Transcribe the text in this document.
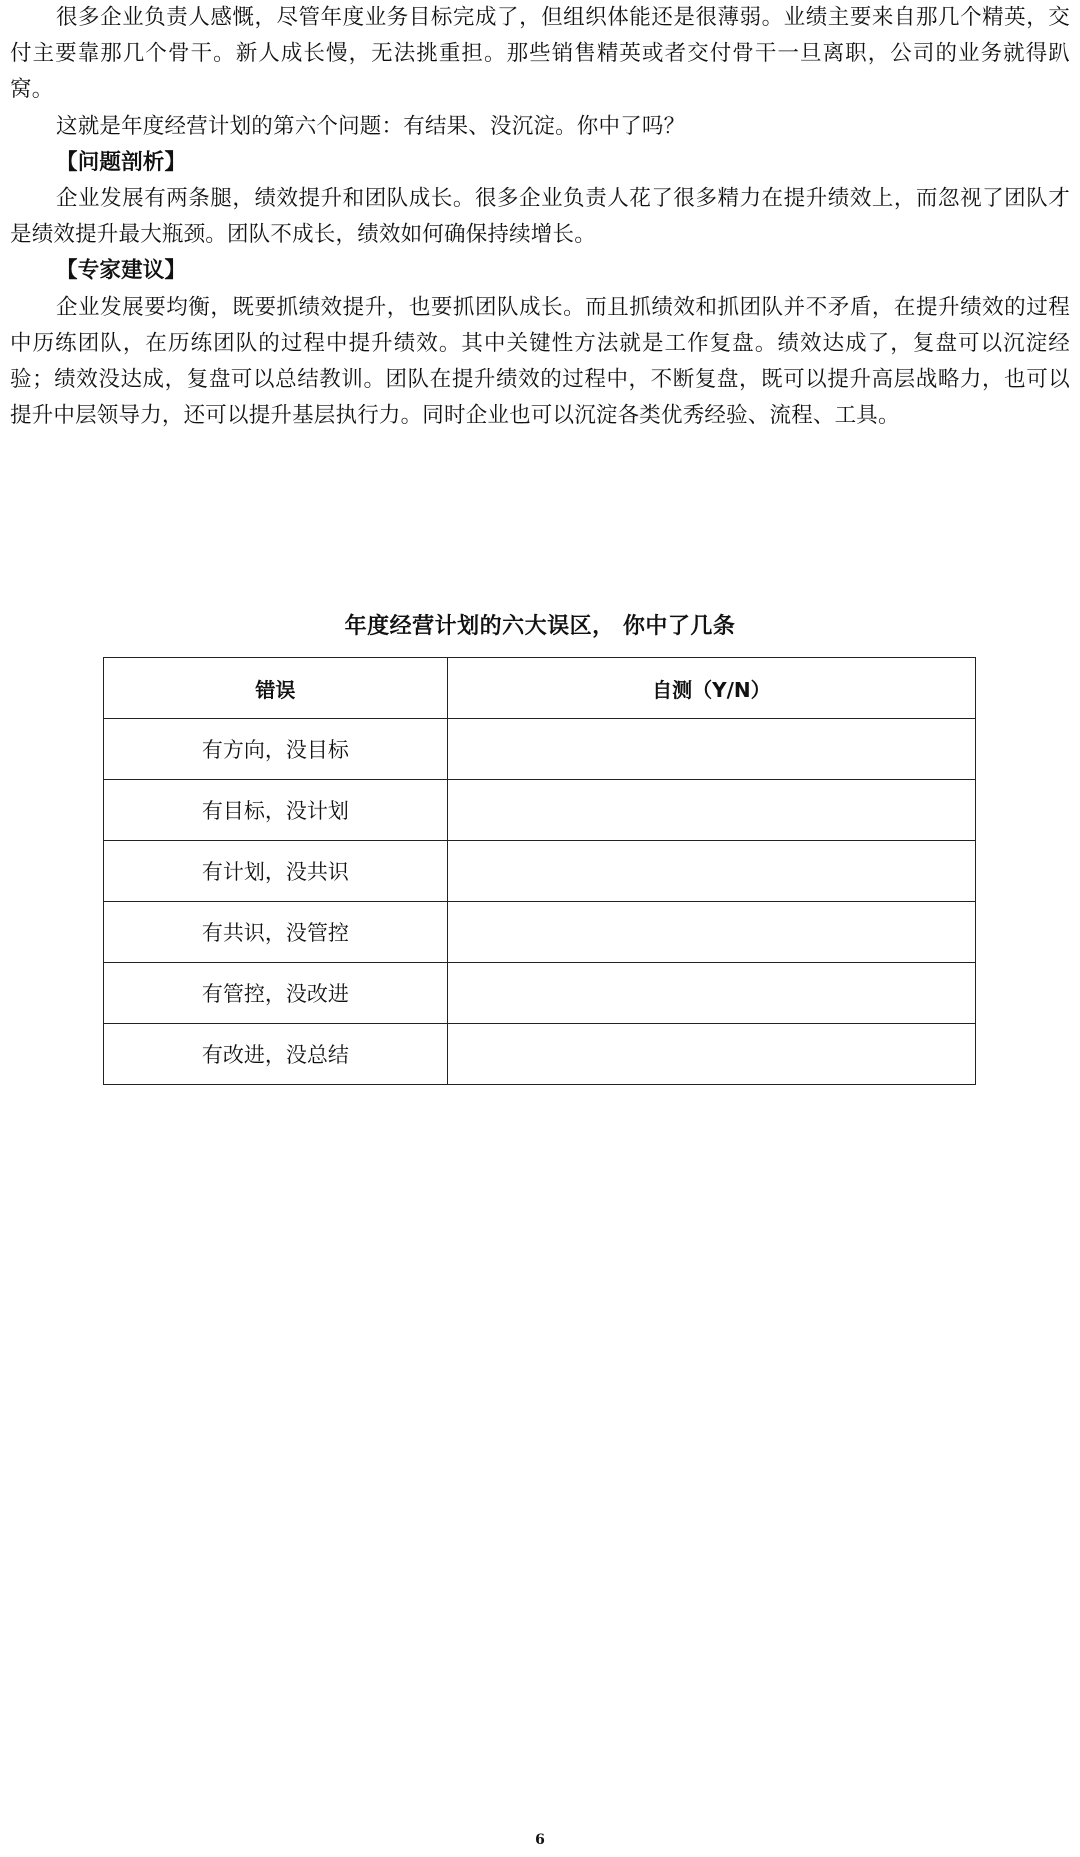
很多企业负责人感慨，尽管年度业务目标完成了，但组织体能还是很薄弱。业绩主要来自那几个精英，交付主要靠那几个骨干。新人成长慢，无法挑重担。那些销售精英或者交付骨干一旦离职，公司的业务就得趴窝。

这就是年度经营计划的第六个问题：有结果、没沉淀。你中了吗？

【问题剖析】

企业发展有两条腿，绩效提升和团队成长。很多企业负责人花了很多精力在提升绩效上，而忽视了团队才是绩效提升最大瓶颈。团队不成长，绩效如何确保持续增长。

【专家建议】

企业发展要均衡，既要抓绩效提升，也要抓团队成长。而且抓绩效和抓团队并不矛盾，在提升绩效的过程中历练团队，在历练团队的过程中提升绩效。其中关键性方法就是工作复盘。绩效达成了，复盘可以沉淀经验；绩效没达成，复盘可以总结教训。团队在提升绩效的过程中，不断复盘，既可以提升高层战略力，也可以提升中层领导力，还可以提升基层执行力。同时企业也可以沉淀各类优秀经验、流程、工具。

年度经营计划的六大误区， 你中了几条
错误	自测（Y/N）
有方向，没目标	
有目标，没计划	
有计划，没共识	
有共识，没管控	
有管控，没改进	
有改进，没总结	
6
